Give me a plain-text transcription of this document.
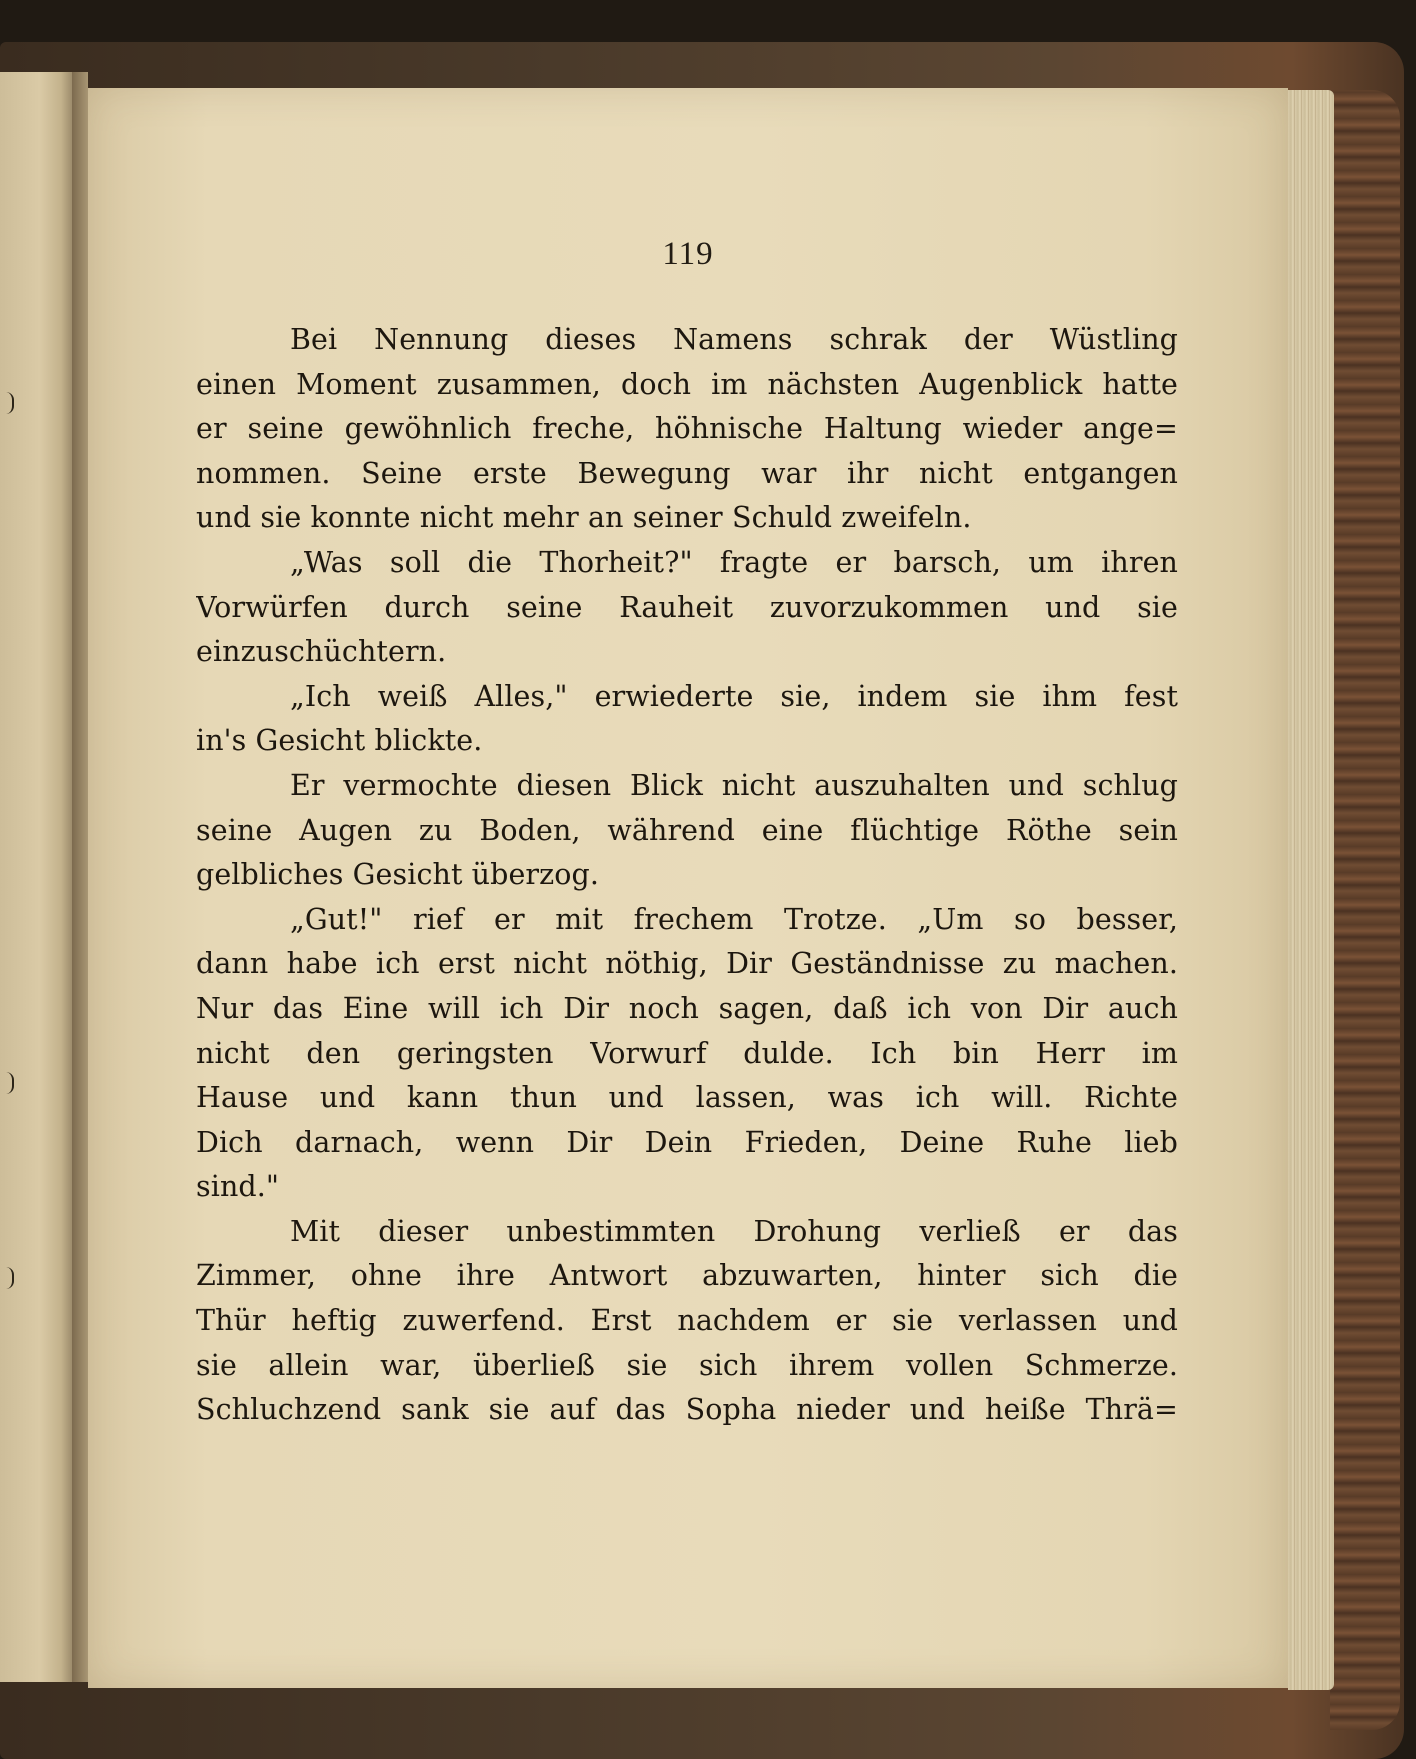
119
Bei Nennung dieses Namens schrak der Wüstling
einen Moment zusammen, doch im nächsten Augenblick hatte
er seine gewöhnlich freche, höhnische Haltung wieder ange=
nommen. Seine erste Bewegung war ihr nicht entgangen
und sie konnte nicht mehr an seiner Schuld zweifeln.
„Was soll die Thorheit?" fragte er barsch, um ihren
Vorwürfen durch seine Rauheit zuvorzukommen und sie
einzuschüchtern.
„Ich weiß Alles," erwiederte sie, indem sie ihm fest
in's Gesicht blickte.
Er vermochte diesen Blick nicht auszuhalten und schlug
seine Augen zu Boden, während eine flüchtige Röthe sein
gelbliches Gesicht überzog.
„Gut!" rief er mit frechem Trotze. „Um so besser,
dann habe ich erst nicht nöthig, Dir Geständnisse zu machen.
Nur das Eine will ich Dir noch sagen, daß ich von Dir auch
nicht den geringsten Vorwurf dulde. Ich bin Herr im
Hause und kann thun und lassen, was ich will. Richte
Dich darnach, wenn Dir Dein Frieden, Deine Ruhe lieb
sind."
Mit dieser unbestimmten Drohung verließ er das
Zimmer, ohne ihre Antwort abzuwarten, hinter sich die
Thür heftig zuwerfend. Erst nachdem er sie verlassen und
sie allein war, überließ sie sich ihrem vollen Schmerze.
Schluchzend sank sie auf das Sopha nieder und heiße Thrä=
